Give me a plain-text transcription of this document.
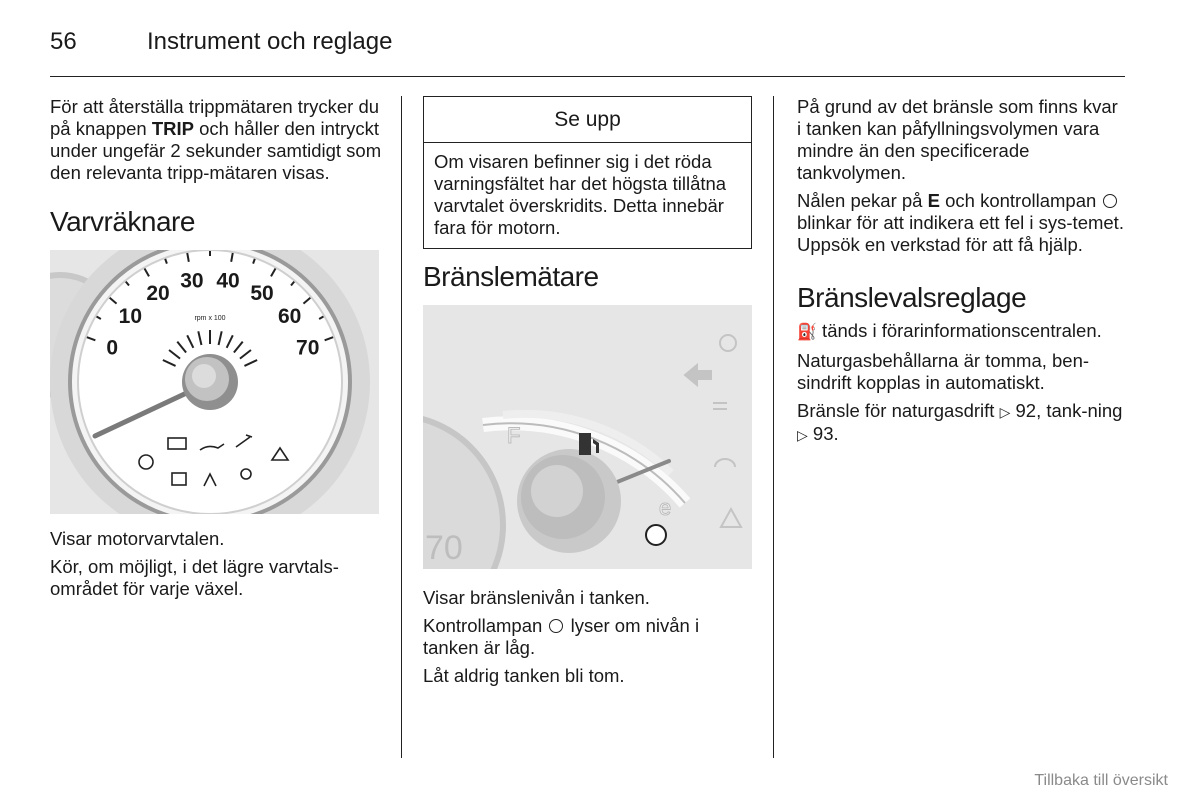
56	Instrument och reglage

För att återställa trippmätaren trycker du på knappen TRIP och håller den intryckt under ungefär 2 sekunder samtidigt som den relevanta tripp-mätaren visas.

Varvräknare
0
10
20
30 40
50
60
70
rpm x 100

Visar motorvarvtalen.

Kör, om möjligt, i det lägre varvtals-området för varje växel.

Se upp
Om visaren befinner sig i det röda varningsfältet har det högsta tillåtna varvtalet överskridits. Detta innebär fara för motorn.
Bränslemätare
70
F
e

Visar bränslenivån i tanken.

Kontrollampan  lyser om nivån i tanken är låg.

Låt aldrig tanken bli tom.

På grund av det bränsle som finns kvar i tanken kan påfyllningsvolymen vara mindre än den specificerade tankvolymen.

Nålen pekar på E och kontrollampan  blinkar för att indikera ett fel i sys-temet. Uppsök en verkstad för att få hjälp.

Bränslevalsreglage

⛽ tänds i förarinformationscentralen.

Naturgasbehållarna är tomma, ben-sindrift kopplas in automatiskt.

Bränsle för naturgasdrift ▷ 92, tank-ning ▷ 93.

Tillbaka till översikt
